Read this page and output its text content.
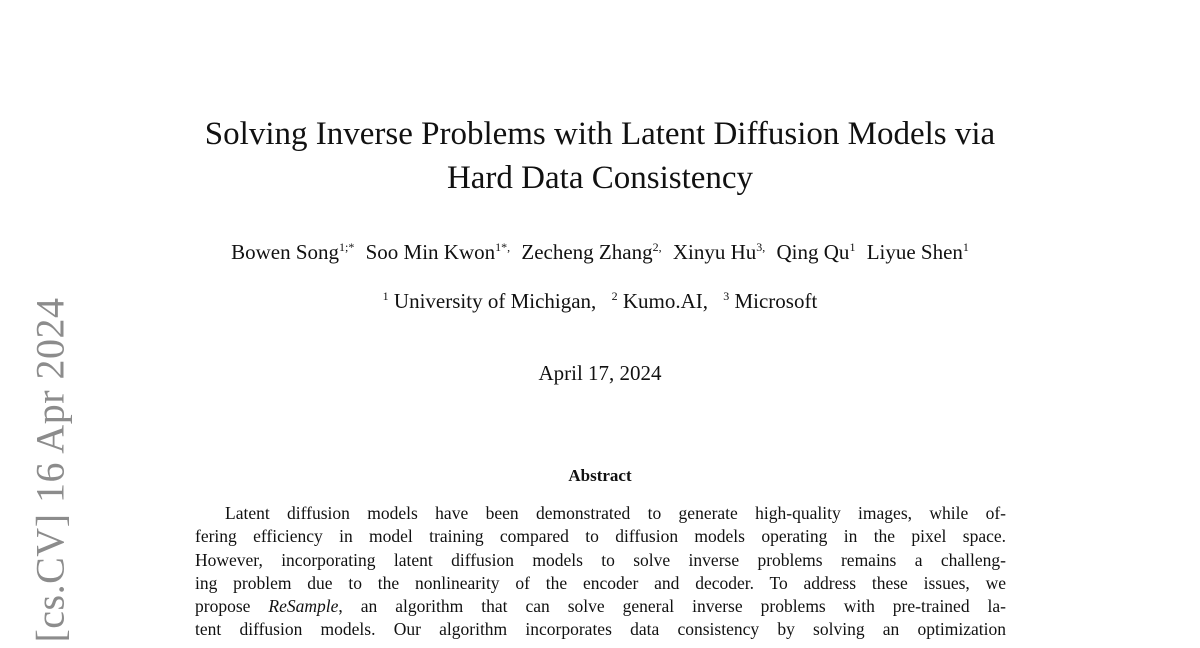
[cs.CV] 16 Apr 2024
Solving Inverse Problems with Latent Diffusion Models via
Hard Data Consistency
Bowen Song$^{1;*}$ Soo Min Kwon$^{1*,}$ Zecheng Zhang$^{2,}$ Xinyu $Hu^{3,}$ Qing Qu$^1$ Liyue Shen$^1$
$^1$ University of Michigan, $^2$ Kumo.AI, $^3$ Microsoft
April 17, 2024
Abstract
Latent diffusion models have been demonstrated to generate high-quality images, while of-
fering efficiency in model training compared to diffusion models operating in the pixel space.
However, incorporating latent diffusion models to solve inverse problems remains a challeng-
ing problem due to the nonlinearity of the encoder and decoder. To address these issues, we
propose ReSample, an algorithm that can solve general inverse problems with pre-trained la-
tent diffusion models. Our algorithm incorporates data consistency by solving an optimization
